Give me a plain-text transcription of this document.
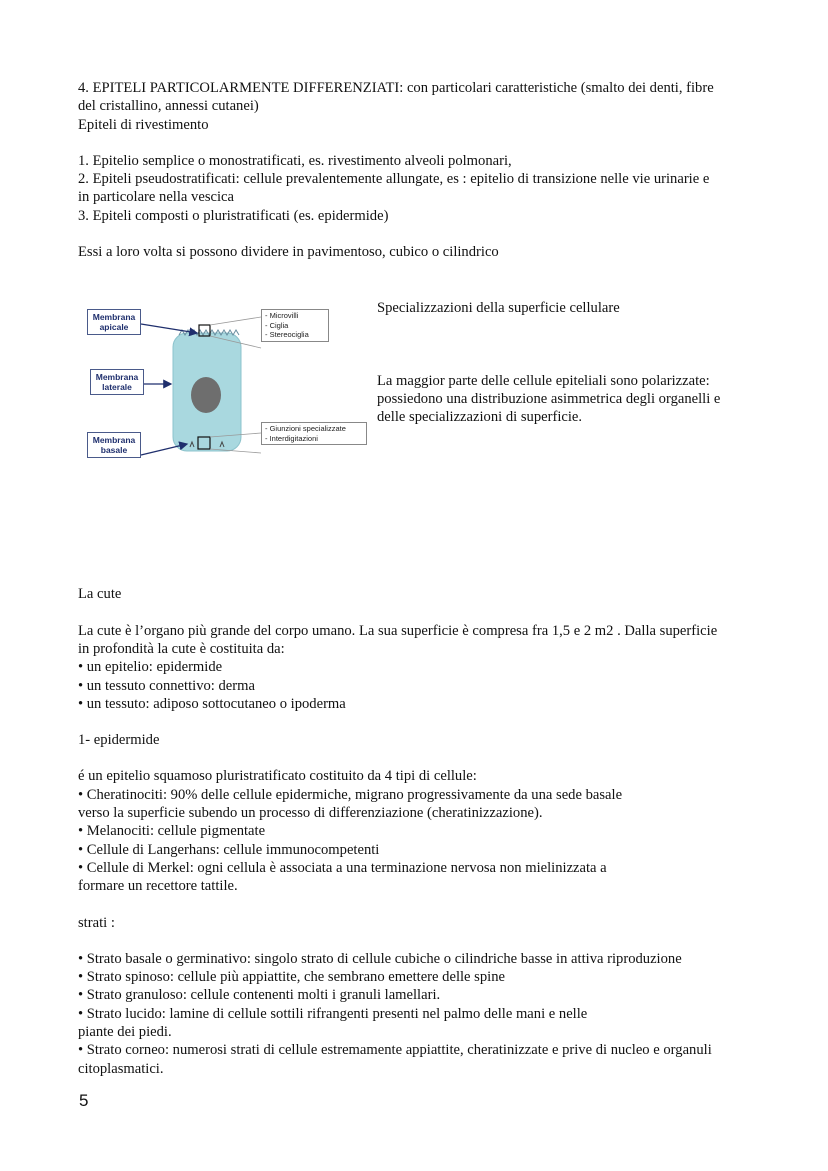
4. EPITELI PARTICOLARMENTE DIFFERENZIATI: con particolari caratteristiche (smalto dei denti, fibre

del cristallino, annessi cutanei)

Epiteli di rivestimento

1. Epitelio semplice o monostratificati, es. rivestimento alveoli polmonari,

2. Epiteli pseudostratificati: cellule prevalentemente allungate, es : epitelio di transizione nelle vie urinarie e

in particolare nella vescica

3. Epiteli composti o pluristratificati (es. epidermide)

Essi a loro volta si possono dividere in pavimentoso, cubico o cilindrico

Membrana
apicale
Membrana
laterale
Membrana
basale
- Microvilli
- Ciglia
- Stereociglia
- Giunzioni specializzate
- Interdigitazioni

Specializzazioni della superficie cellulare

La maggior parte delle cellule epiteliali sono polarizzate:

possiedono una distribuzione asimmetrica degli organelli e

delle specializzazioni di superficie.

La cute

La cute è l’organo più grande del corpo umano. La sua superficie è compresa fra 1,5 e 2 m2 . Dalla superficie

in profondità la cute è costituita da:

• un epitelio: epidermide

• un tessuto connettivo: derma

• un tessuto: adiposo sottocutaneo o ipoderma

1- epidermide

é un epitelio squamoso pluristratificato costituito da 4 tipi di cellule:

• Cheratinociti: 90% delle cellule epidermiche, migrano progressivamente da una sede basale

verso la superficie subendo un processo di differenziazione (cheratinizzazione).

• Melanociti: cellule pigmentate

• Cellule di Langerhans: cellule immunocompetenti

• Cellule di Merkel: ogni cellula è associata a una terminazione nervosa non mielinizzata a

formare un recettore tattile.

strati :

• Strato basale o germinativo: singolo strato di cellule cubiche o cilindriche basse in attiva riproduzione

• Strato spinoso: cellule più appiattite, che sembrano emettere delle spine

• Strato granuloso: cellule contenenti molti i granuli lamellari.

• Strato lucido: lamine di cellule sottili rifrangenti presenti nel palmo delle mani e nelle

piante dei piedi.

• Strato corneo: numerosi strati di cellule estremamente appiattite, cheratinizzate e prive di nucleo e organuli

citoplasmatici.

5
